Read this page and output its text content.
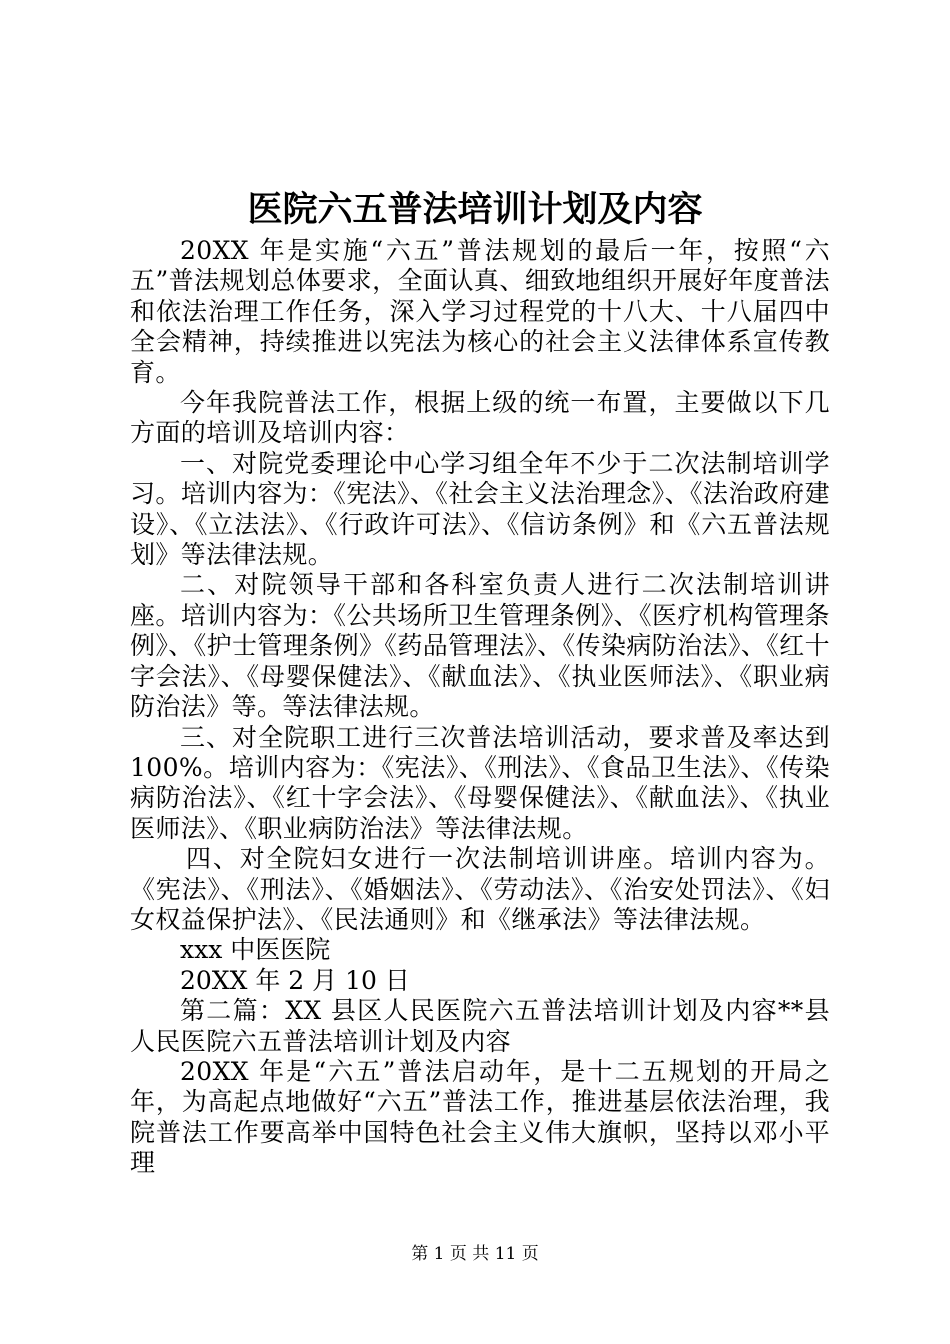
医院六五普法培训计划及内容

20XX 年是实施“六五”普法规划的最后一年，按照“六五”普法规划总体要求，全面认真、细致地组织开展好年度普法和依法治理工作任务，深入学习过程党的十八大、十八届四中全会精神，持续推进以宪法为核心的社会主义法律体系宣传教育。

今年我院普法工作，根据上级的统一布置，主要做以下几方面的培训及培训内容：

一、对院党委理论中心学习组全年不少于二次法制培训学习。培训内容为：《宪法》、《社会主义法治理念》、《法治政府建设》、《立法法》、《行政许可法》、《信访条例》和《六五普法规划》等法律法规。

二、对院领导干部和各科室负责人进行二次法制培训讲座。培训内容为：《公共场所卫生管理条例》、《医疗机构管理条例》、《护士管理条例》《药品管理法》、《传染病防治法》、《红十字会法》、《母婴保健法》、《献血法》、《执业医师法》、《职业病防治法》等。等法律法规。

三、对全院职工进行三次普法培训活动，要求普及率达到100%。培训内容为：《宪法》、《刑法》、《食品卫生法》、《传染病防治法》、《红十字会法》、《母婴保健法》、《献血法》、《执业医师法》、《职业病防治法》等法律法规。

四、对全院妇女进行一次法制培训讲座。培训内容为。《宪法》、《刑法》、《婚姻法》、《劳动法》、《治安处罚法》、《妇女权益保护法》、《民法通则》和《继承法》等法律法规。

xxx 中医医院

20XX 年 2 月 10 日

第二篇：XX 县区人民医院六五普法培训计划及内容**县人民医院六五普法培训计划及内容

20XX 年是“六五”普法启动年，是十二五规划的开局之年，为高起点地做好“六五”普法工作，推进基层依法治理，我院普法工作要高举中国特色社会主义伟大旗帜，坚持以邓小平理

第 1 页 共 11 页
